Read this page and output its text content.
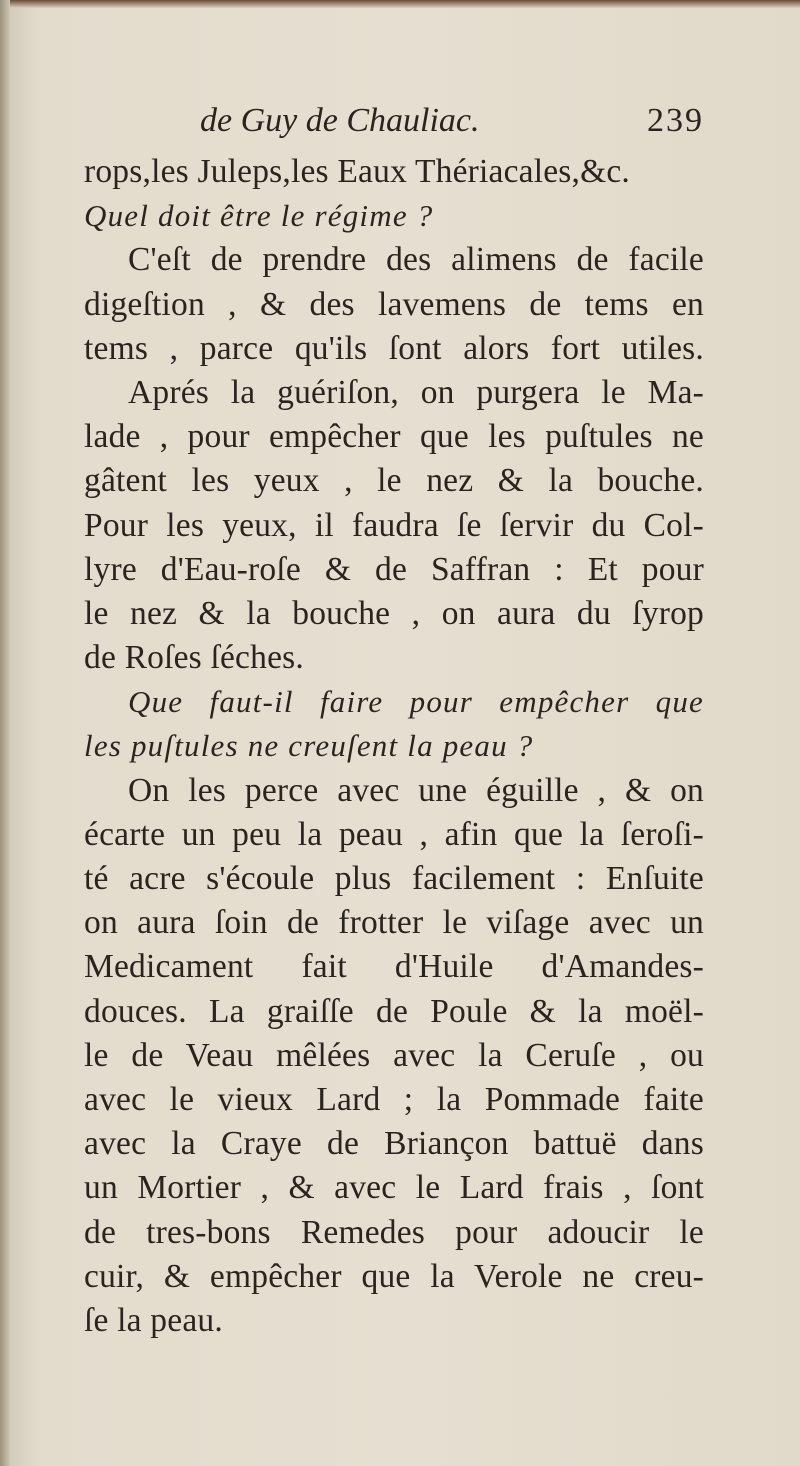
de Guy de Chauliac.	239
rops,les Juleps,les Eaux Thériacales,&c.
Quel doit être le régime ?
C'eſt de prendre des alimens de facile
digeſtion , & des lavemens de tems en
tems , parce qu'ils ſont alors fort utiles.
Aprés la guériſon, on purgera le Ma-
lade , pour empêcher que les puſtules ne
gâtent les yeux , le nez & la bouche.
Pour les yeux, il faudra ſe ſervir du Col-
lyre d'Eau-roſe & de Saffran : Et pour
le nez & la bouche , on aura du ſyrop
de Roſes ſéches.
Que faut-il faire pour empêcher que
les puſtules ne creuſent la peau ?
On les perce avec une éguille , & on
écarte un peu la peau , afin que la ſeroſi-
té acre s'écoule plus facilement : Enſuite
on aura ſoin de frotter le viſage avec un
Medicament fait d'Huile d'Amandes-
douces. La graiſſe de Poule & la moël-
le de Veau mêlées avec la Ceruſe , ou
avec le vieux Lard ; la Pommade faite
avec la Craye de Briançon battuë dans
un Mortier , & avec le Lard frais , ſont
de tres-bons Remedes pour adoucir le
cuir, & empêcher que la Verole ne creu-
ſe la peau.
